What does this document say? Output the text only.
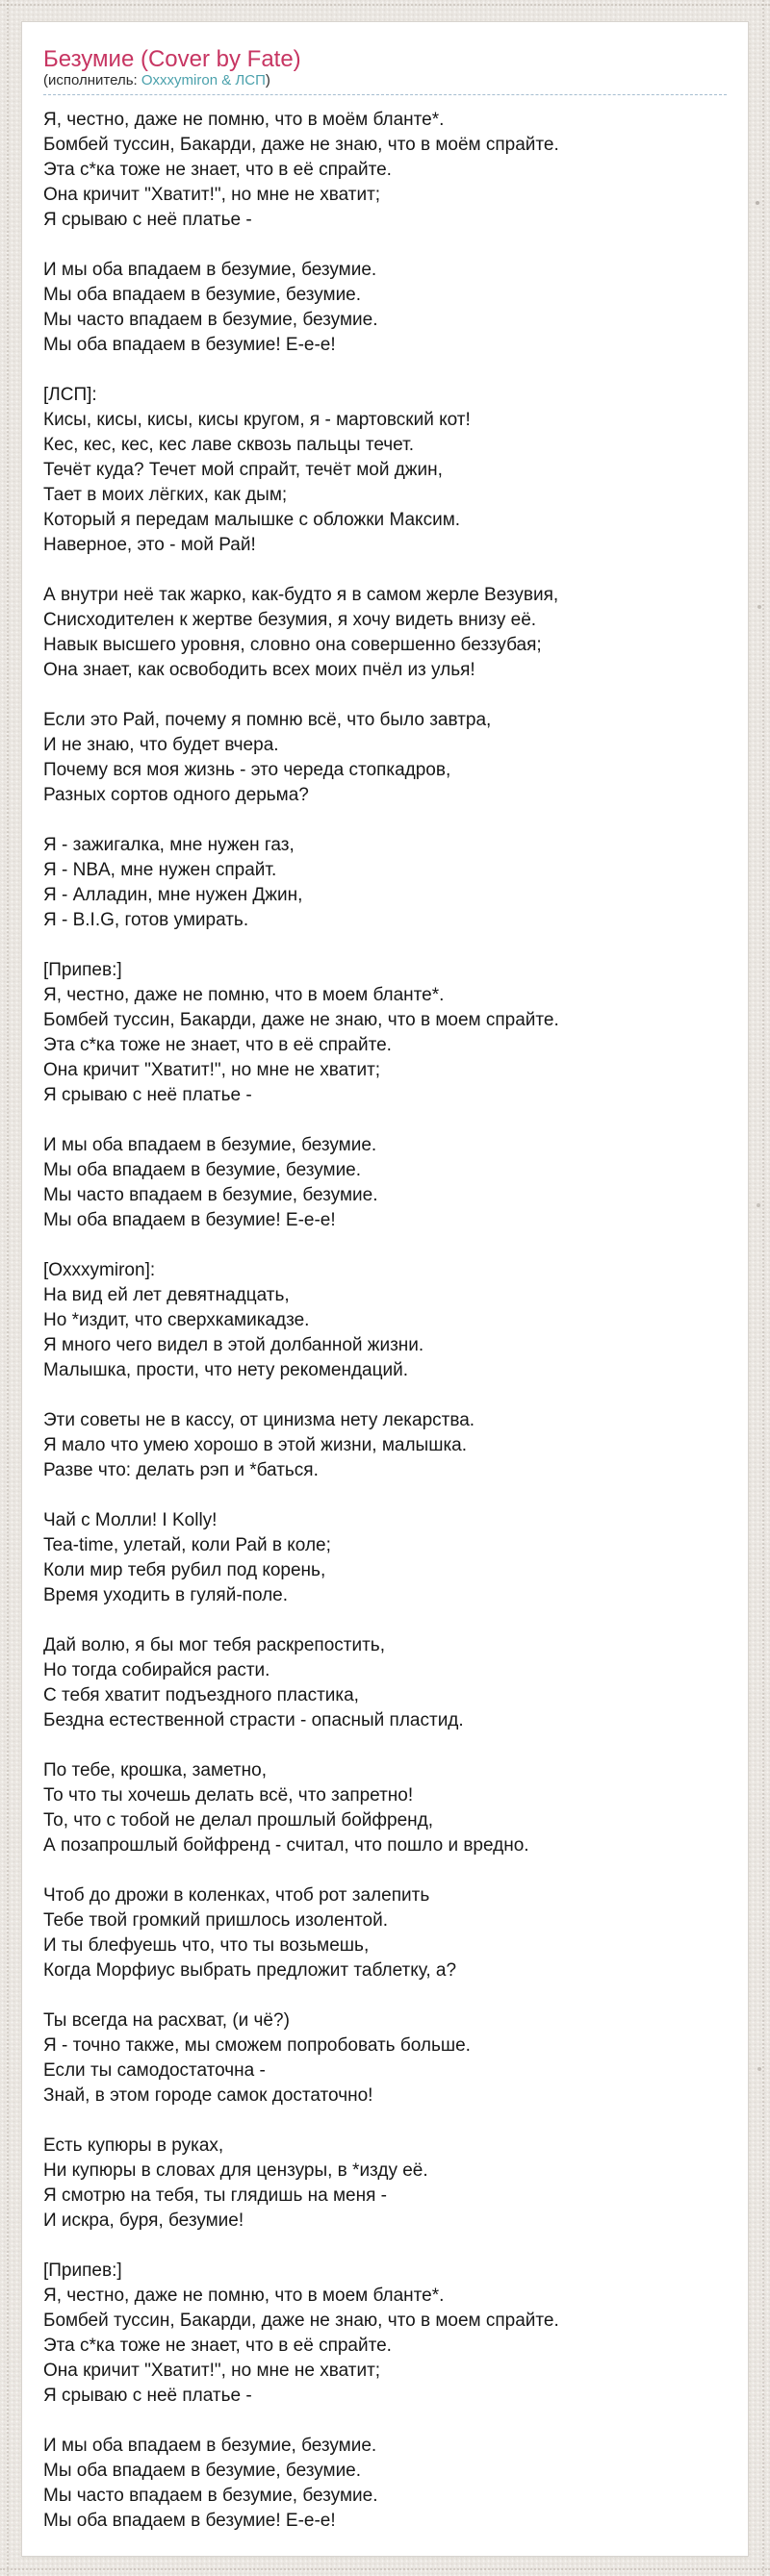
Безумие (Cover by Fate)
(исполнитель: Oxxxymiron & ЛСП)

Я, честно, даже не помню, что в моём бланте*.
Бомбей туссин, Бакарди, даже не знаю, что в моём спрайте.
Эта с*ка тоже не знает, что в её спрайте.
Она кричит "Хватит!", но мне не хватит;
Я срываю с неё платье -

И мы оба впадаем в безумие, безумие.
Мы оба впадаем в безумие, безумие.
Мы часто впадаем в безумие, безумие.
Мы оба впадаем в безумие! Е-е-е!

[ЛСП]:
Кисы, кисы, кисы, кисы кругом, я - мартовский кот!
Кес, кес, кес, кес лаве сквозь пальцы течет.
Течёт куда? Течет мой спрайт, течёт мой джин,
Тает в моих лёгких, как дым;
Который я передам малышке с обложки Максим.
Наверное, это - мой Рай!

А внутри неё так жарко, как-будто я в самом жерле Везувия,
Снисходителен к жертве безумия, я хочу видеть внизу её.
Навык высшего уровня, словно она совершенно беззубая;
Она знает, как освободить всех моих пчёл из улья!

Если это Рай, почему я помню всё, что было завтра,
И не знаю, что будет вчера.
Почему вся моя жизнь - это череда стопкадров,
Разных сортов одного дерьма?

Я - зажигалка, мне нужен газ,
Я - NBA, мне нужен спрайт.
Я - Алладин, мне нужен Джин,
Я - B.I.G, готов умирать.

[Припев:]
Я, честно, даже не помню, что в моем бланте*.
Бомбей туссин, Бакарди, даже не знаю, что в моем спрайте.
Эта с*ка тоже не знает, что в её спрайте.
Она кричит "Хватит!", но мне не хватит;
Я срываю с неё платье -

И мы оба впадаем в безумие, безумие.
Мы оба впадаем в безумие, безумие.
Мы часто впадаем в безумие, безумие.
Мы оба впадаем в безумие! Е-е-е!

[Oxxxymiron]:
На вид ей лет девятнадцать,
Но *издит, что сверхкамикадзе.
Я много чего видел в этой долбанной жизни.
Малышка, прости, что нету рекомендаций.

Эти советы не в кассу, от цинизма нету лекарства.
Я мало что умею хорошо в этой жизни, малышка.
Разве что: делать рэп и *баться.

Чай с Молли! I Kolly!
Tea-time, улетай, коли Рай в коле;
Коли мир тебя рубил под корень,
Время уходить в гуляй-поле.

Дай волю, я бы мог тебя раскрепостить,
Но тогда собирайся расти.
С тебя хватит подъездного пластика,
Бездна естественной страсти - опасный пластид.

По тебе, крошка, заметно,
То что ты хочешь делать всё, что запретно!
То, что с тобой не делал прошлый бойфренд,
А позапрошлый бойфренд - считал, что пошло и вредно.

Чтоб до дрожи в коленках, чтоб рот залепить
Тебе твой громкий пришлось изолентой.
И ты блефуешь что, что ты возьмешь,
Когда Морфиус выбрать предложит таблетку, а?

Ты всегда на расхват, (и чё?)
Я - точно также, мы сможем попробовать больше.
Если ты самодостаточна -
Знай, в этом городе самок достаточно!

Есть купюры в руках,
Ни купюры в словах для цензуры, в *изду её.
Я смотрю на тебя, ты глядишь на меня -
И искра, буря, безумие!

[Припев:]
Я, честно, даже не помню, что в моем бланте*.
Бомбей туссин, Бакарди, даже не знаю, что в моем спрайте.
Эта с*ка тоже не знает, что в её спрайте.
Она кричит "Хватит!", но мне не хватит;
Я срываю с неё платье -

И мы оба впадаем в безумие, безумие.
Мы оба впадаем в безумие, безумие.
Мы часто впадаем в безумие, безумие.
Мы оба впадаем в безумие! Е-е-е!
